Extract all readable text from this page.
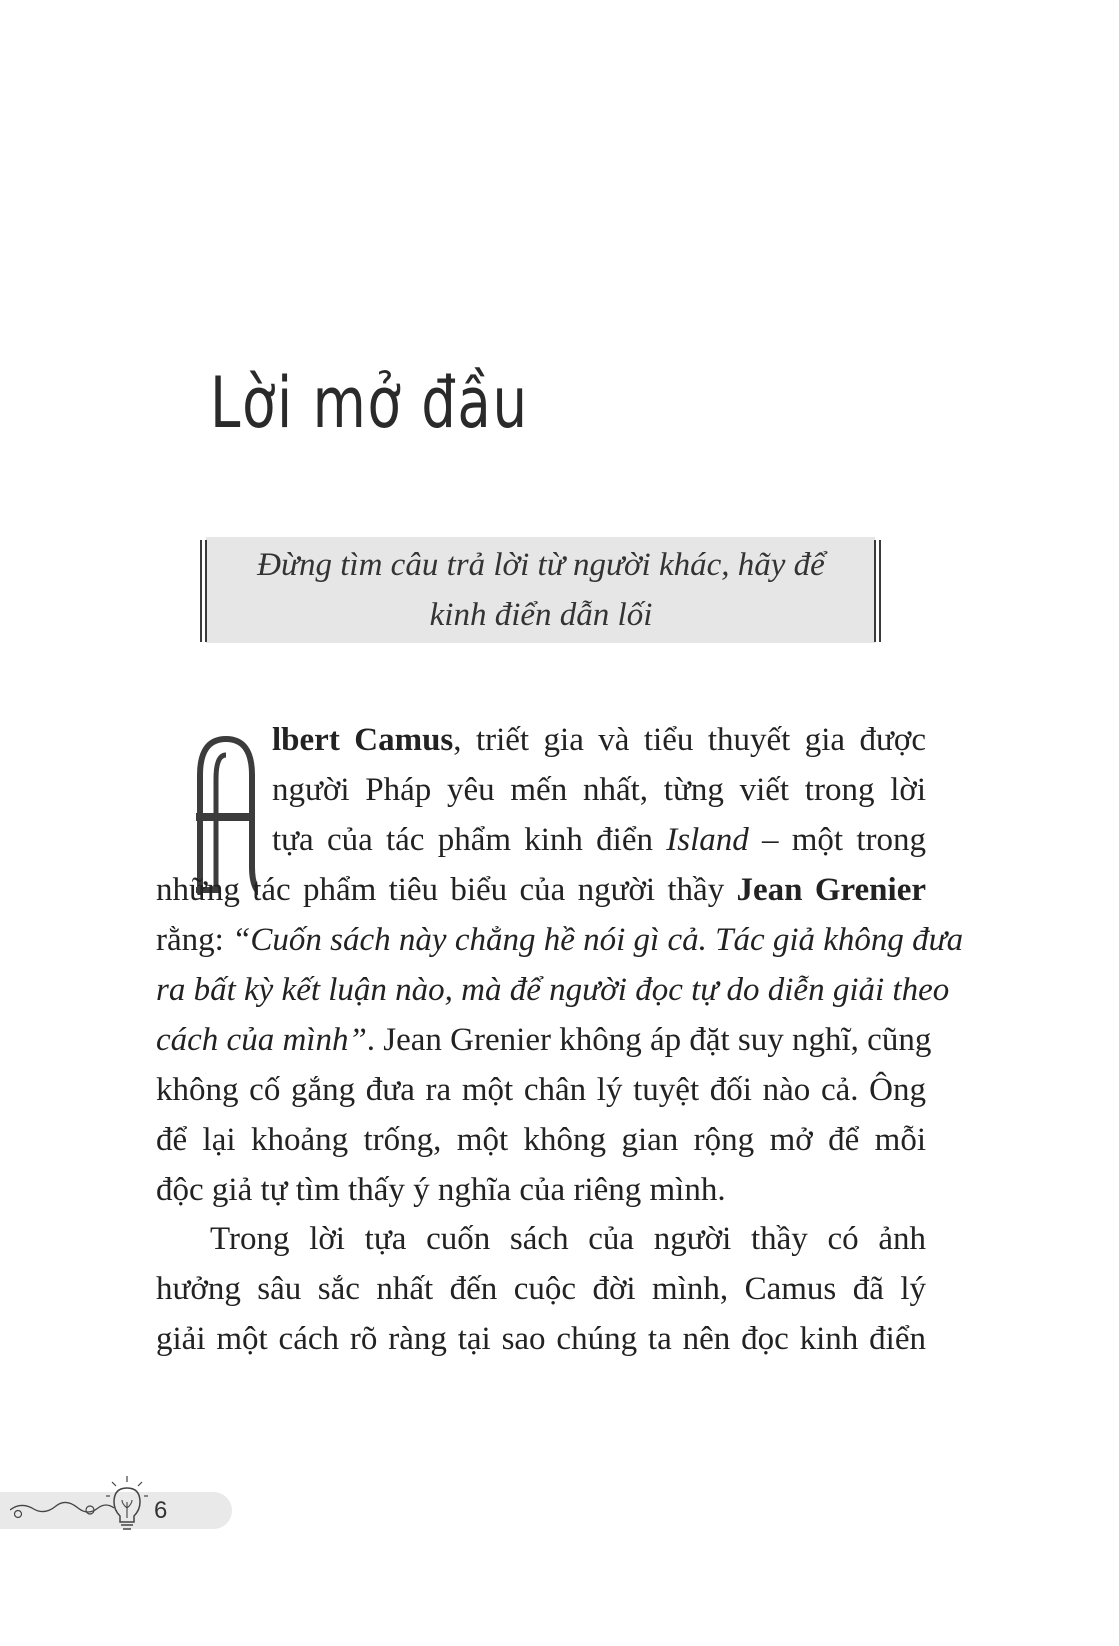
Lời mở đầu
Đừng tìm câu trả lời từ người khác, hãy để
kinh điển dẫn lối
lbert Camus, triết gia và tiểu thuyết gia được
người Pháp yêu mến nhất, từng viết trong lời
tựa của tác phẩm kinh điển Island – một trong
những tác phẩm tiêu biểu của người thầy Jean Grenier
rằng: “Cuốn sách này chẳng hề nói gì cả. Tác giả không đưa
ra bất kỳ kết luận nào, mà để người đọc tự do diễn giải theo
cách của mình”. Jean Grenier không áp đặt suy nghĩ, cũng
không cố gắng đưa ra một chân lý tuyệt đối nào cả. Ông
để lại khoảng trống, một không gian rộng mở để mỗi
độc giả tự tìm thấy ý nghĩa của riêng mình.
Trong lời tựa cuốn sách của người thầy có ảnh
hưởng sâu sắc nhất đến cuộc đời mình, Camus đã lý
giải một cách rõ ràng tại sao chúng ta nên đọc kinh điển
6
